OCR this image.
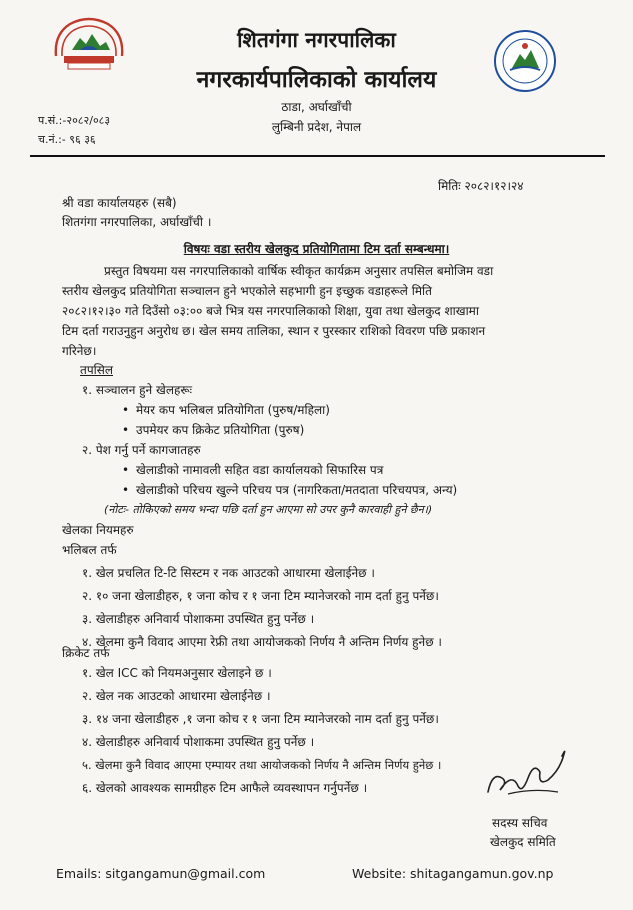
शितगंगा नगरपालिका
नगरकार्यपालिकाको कार्यालय
ठाडा, अर्घाखाँची
लुम्बिनी प्रदेश, नेपाल
प.सं.:-२०८२/०८३
च.नं.:- ९६ ३६
मितिः २०८२।१२।२४
श्री वडा कार्यालयहरु (सबै)
शितगंगा नगरपालिका, अर्घाखाँची ।
विषयः वडा स्तरीय खेलकुद प्रतियोगितामा टिम दर्ता सम्बन्धमा।
प्रस्तुत विषयमा यस नगरपालिकाको वार्षिक स्वीकृत कार्यक्रम अनुसार तपसिल बमोजिम वडा
स्तरीय खेलकुद प्रतियोगिता सञ्चालन हुने भएकोले सहभागी हुन इच्छुक वडाहरूले मिति
२०८२।१२।३० गते दिउँसो ०३:०० बजे भित्र यस नगरपालिकाको शिक्षा, युवा तथा खेलकुद शाखामा
टिम दर्ता गराउनुहुन अनुरोध छ। खेल समय तालिका, स्थान र पुरस्कार राशिको विवरण पछि प्रकाशन
गरिनेछ।
तपसिल
१. सञ्चालन हुने खेलहरूः
• मेयर कप भलिबल प्रतियोगिता (पुरुष/महिला)
• उपमेयर कप क्रिकेट प्रतियोगिता (पुरुष)
२. पेश गर्नु पर्ने कागजातहरु
• खेलाडीको नामावली सहित वडा कार्यालयको सिफारिस पत्र
• खेलाडीको परिचय खुल्ने परिचय पत्र (नागरिकता/मतदाता परिचयपत्र, अन्य)
(नोटः- तोकिएको समय भन्दा पछि दर्ता हुन आएमा सो उपर कुनै कारवाही हुने छैन।)
खेलका नियमहरु
भलिबल तर्फ
१. खेल प्रचलित टि-टि सिस्टम र नक आउटको आधारमा खेलाईनेछ ।
२. १० जना खेलाडीहरु, १ जना कोच र १ जना टिम म्यानेजरको नाम दर्ता हुनु पर्नेछ।
३. खेलाडीहरु अनिवार्य पोशाकमा उपस्थित हुनु पर्नेछ ।
४. खेलमा कुनै विवाद आएमा रेफ्री तथा आयोजकको निर्णय नै अन्तिम निर्णय हुनेछ ।
क्रिकेट तर्फ
१. खेल ICC को नियमअनुसार खेलाइने छ ।
२. खेल नक आउटको आधारमा खेलाईनेछ ।
३. १४ जना खेलाडीहरु ,१ जना कोच र १ जना टिम म्यानेजरको नाम दर्ता हुनु पर्नेछ।
४. खेलाडीहरु अनिवार्य पोशाकमा उपस्थित हुनु पर्नेछ ।
५. खेलमा कुनै विवाद आएमा एम्पायर तथा आयोजकको निर्णय नै अन्तिम निर्णय हुनेछ ।
६. खेलको आवश्यक सामग्रीहरु टिम आफैले व्यवस्थापन गर्नुपर्नेछ ।
सदस्य सचिव
खेलकुद समिति
Emails: sitgangamun@gmail.com	Website: shitagangamun.gov.np
